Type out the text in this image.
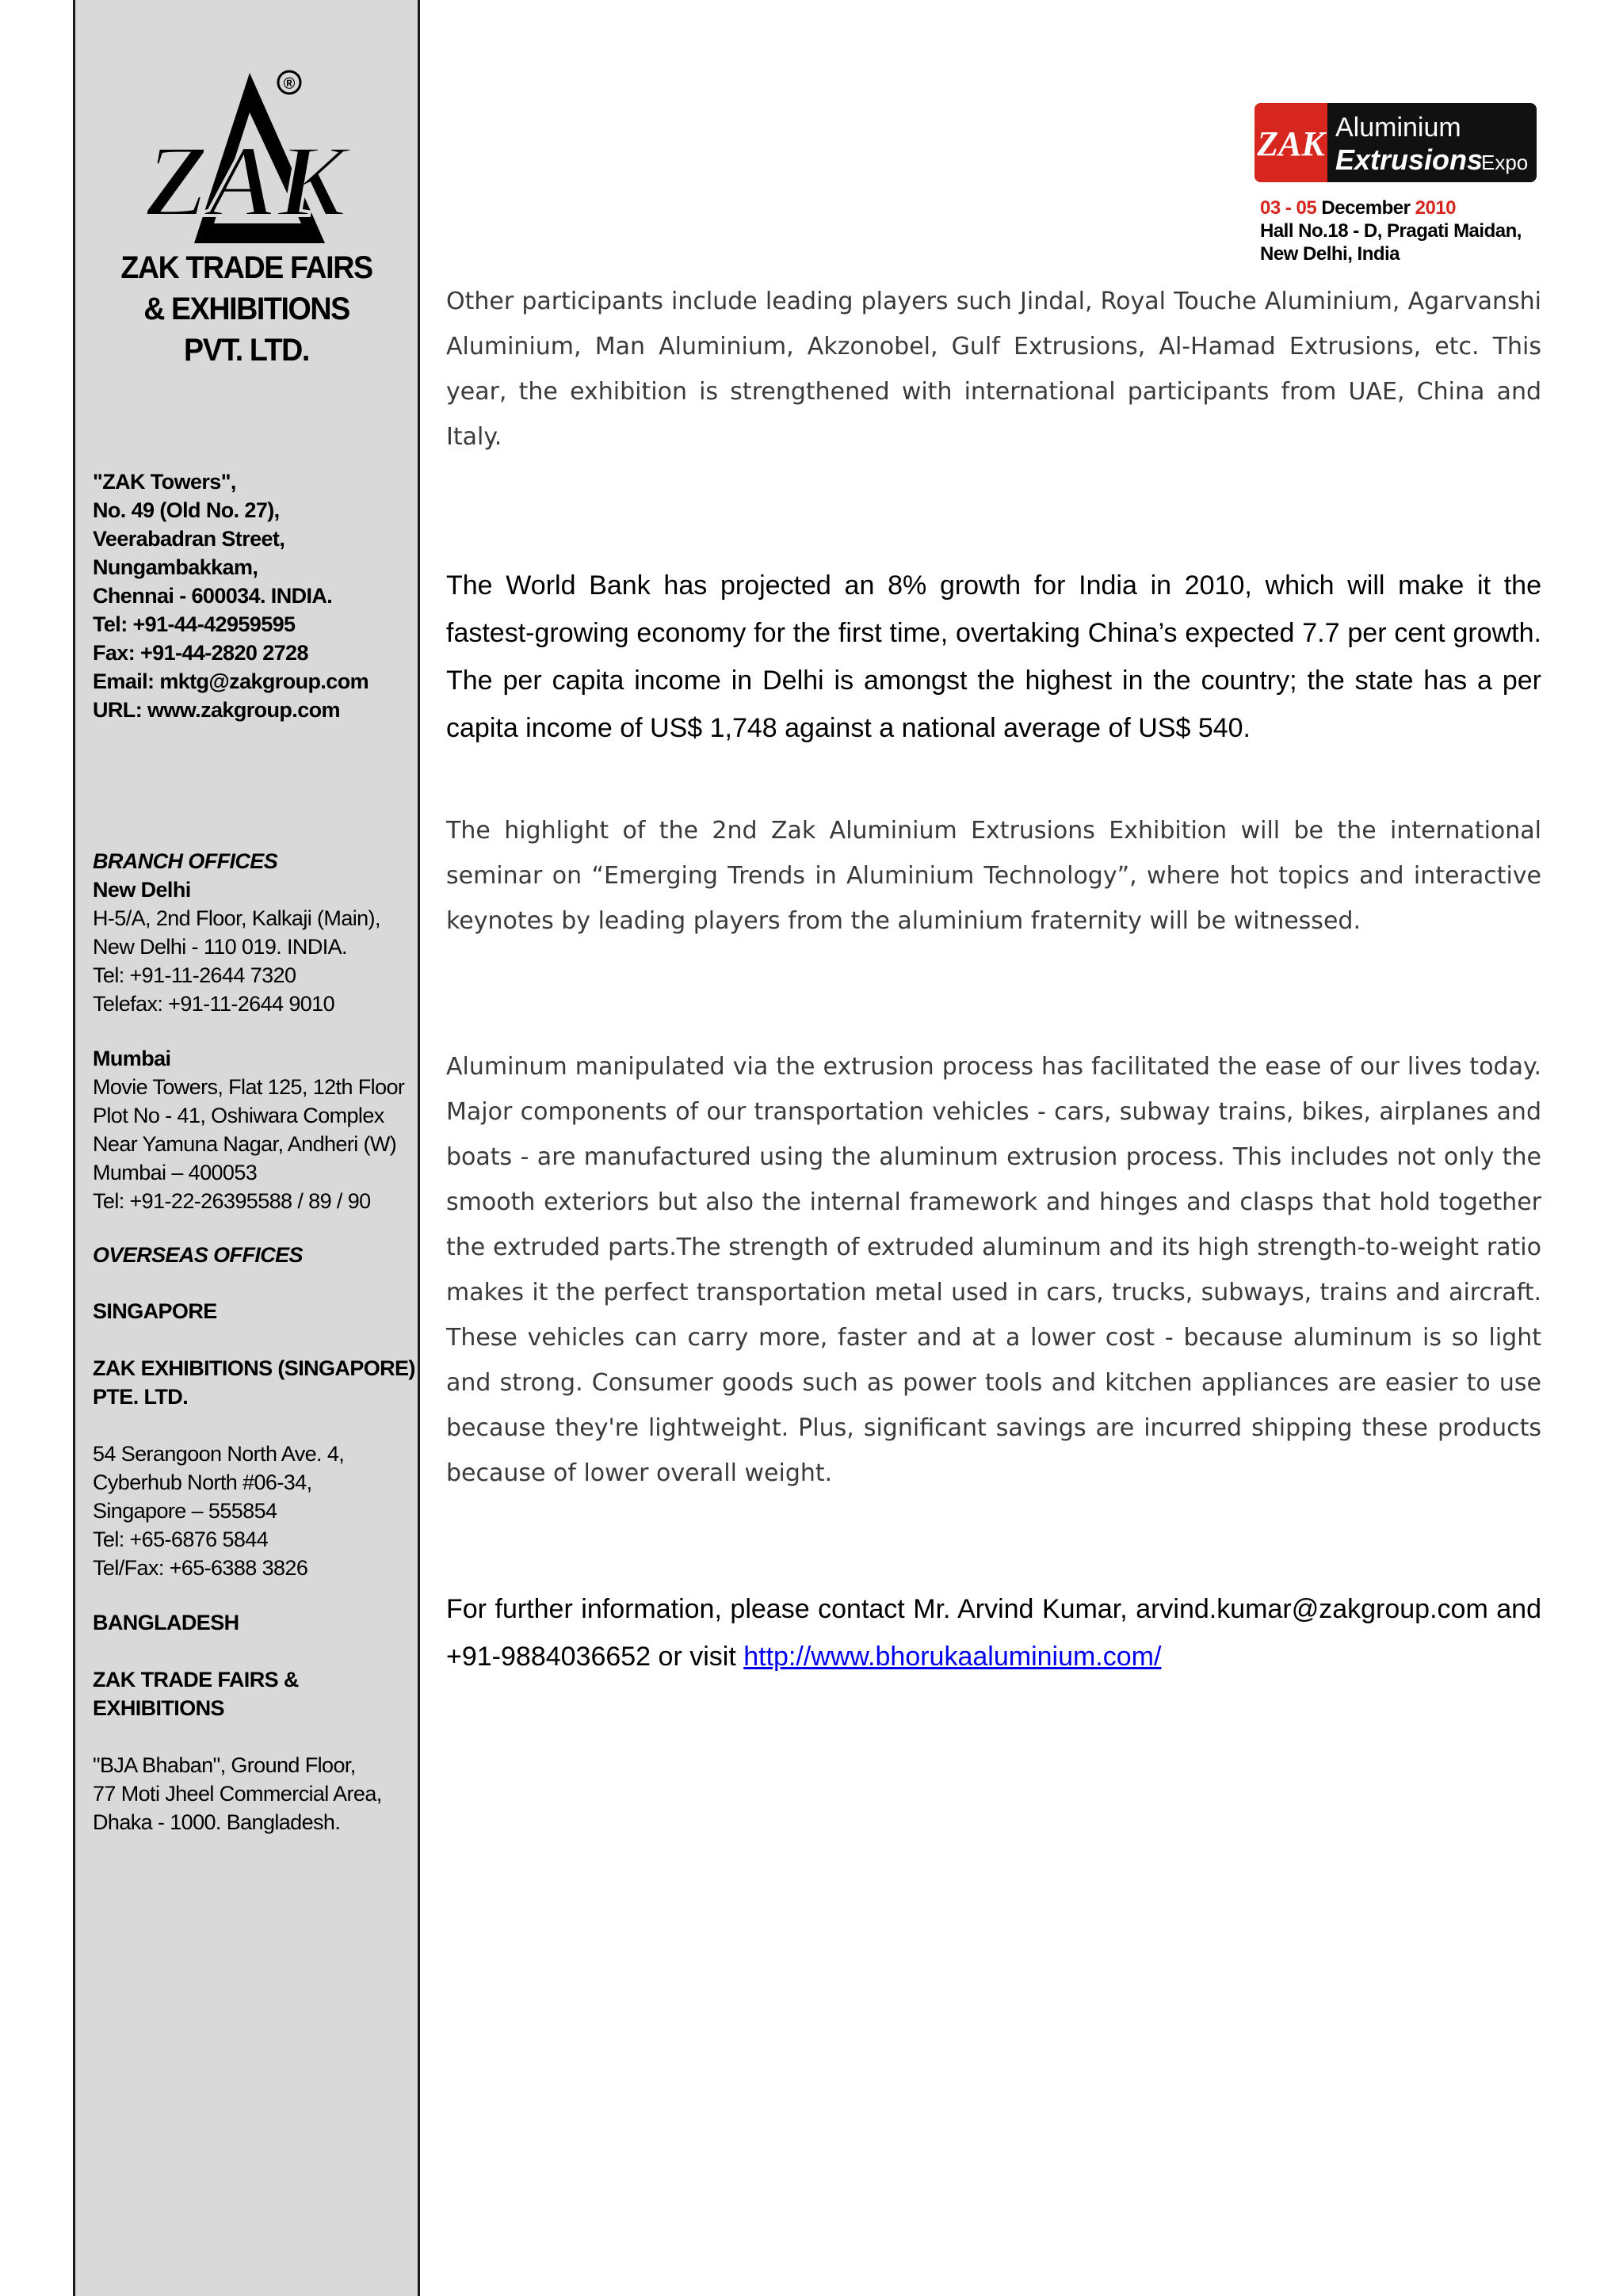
ZAK
®
ZAK TRADE FAIRS
& EXHIBITIONS
PVT. LTD.
"ZAK Towers",
No. 49 (Old No. 27),
Veerabadran Street,
Nungambakkam,
Chennai - 600034. INDIA.
Tel: +91-44-42959595
Fax: +91-44-2820 2728
Email: mktg@zakgroup.com
URL: www.zakgroup.com
BRANCH OFFICES
New Delhi
H-5/A, 2nd Floor, Kalkaji (Main),
New Delhi - 110 019. INDIA.
Tel: +91-11-2644 7320
Telefax: +91-11-2644 9010
Mumbai
Movie Towers, Flat 125, 12th Floor
Plot No - 41, Oshiwara Complex
Near Yamuna Nagar, Andheri (W)
Mumbai – 400053
Tel: +91-22-26395588 / 89 / 90
OVERSEAS OFFICES
SINGAPORE
ZAK EXHIBITIONS (SINGAPORE)
PTE. LTD.
54 Serangoon North Ave. 4,
Cyberhub North #06-34,
Singapore – 555854
Tel: +65-6876 5844
Tel/Fax: +65-6388 3826
BANGLADESH
ZAK TRADE FAIRS &
EXHIBITIONS
"BJA Bhaban", Ground Floor,
77 Moti Jheel Commercial Area,
Dhaka - 1000. Bangladesh.
ZAK Aluminium
Extrusions
Expo
03 - 05 December 2010
Hall No.18 - D, Pragati Maidan,
New Delhi, India

Other participants include leading players such Jindal, Royal Touche Aluminium, Agarvanshi Aluminium, Man Aluminium, Akzonobel, Gulf Extrusions, Al-Hamad Extrusions, etc. This year, the exhibition is strengthened with international participants from UAE, China and Italy.

The World Bank has projected an 8% growth for India in 2010, which will make it the fastest-growing economy for the first time, overtaking China’s expected 7.7 per cent growth. The per capita income in Delhi is amongst the highest in the country; the state has a per capita income of US$ 1,748 against a national average of US$ 540.

The highlight of the 2nd Zak Aluminium Extrusions Exhibition will be the international seminar on “Emerging Trends in Aluminium Technology”, where hot topics and interactive keynotes by leading players from the aluminium fraternity will be witnessed.

Aluminum manipulated via the extrusion process has facilitated the ease of our lives today. Major components of our transportation vehicles - cars, subway trains, bikes, airplanes and boats - are manufactured using the aluminum extrusion process. This includes not only the smooth exteriors but also the internal framework and hinges and clasps that hold together the extruded parts.The strength of extruded aluminum and its high strength-to-weight ratio makes it the perfect transportation metal used in cars, trucks, subways, trains and aircraft. These vehicles can carry more, faster and at a lower cost - because aluminum is so light and strong. Consumer goods such as power tools and kitchen appliances are easier to use because they're lightweight. Plus, significant savings are incurred shipping these products because of lower overall weight.

For further information, please contact Mr. Arvind Kumar, arvind.kumar@zakgroup.com and +91-9884036652 or visit http://www.bhorukaaluminium.com/
